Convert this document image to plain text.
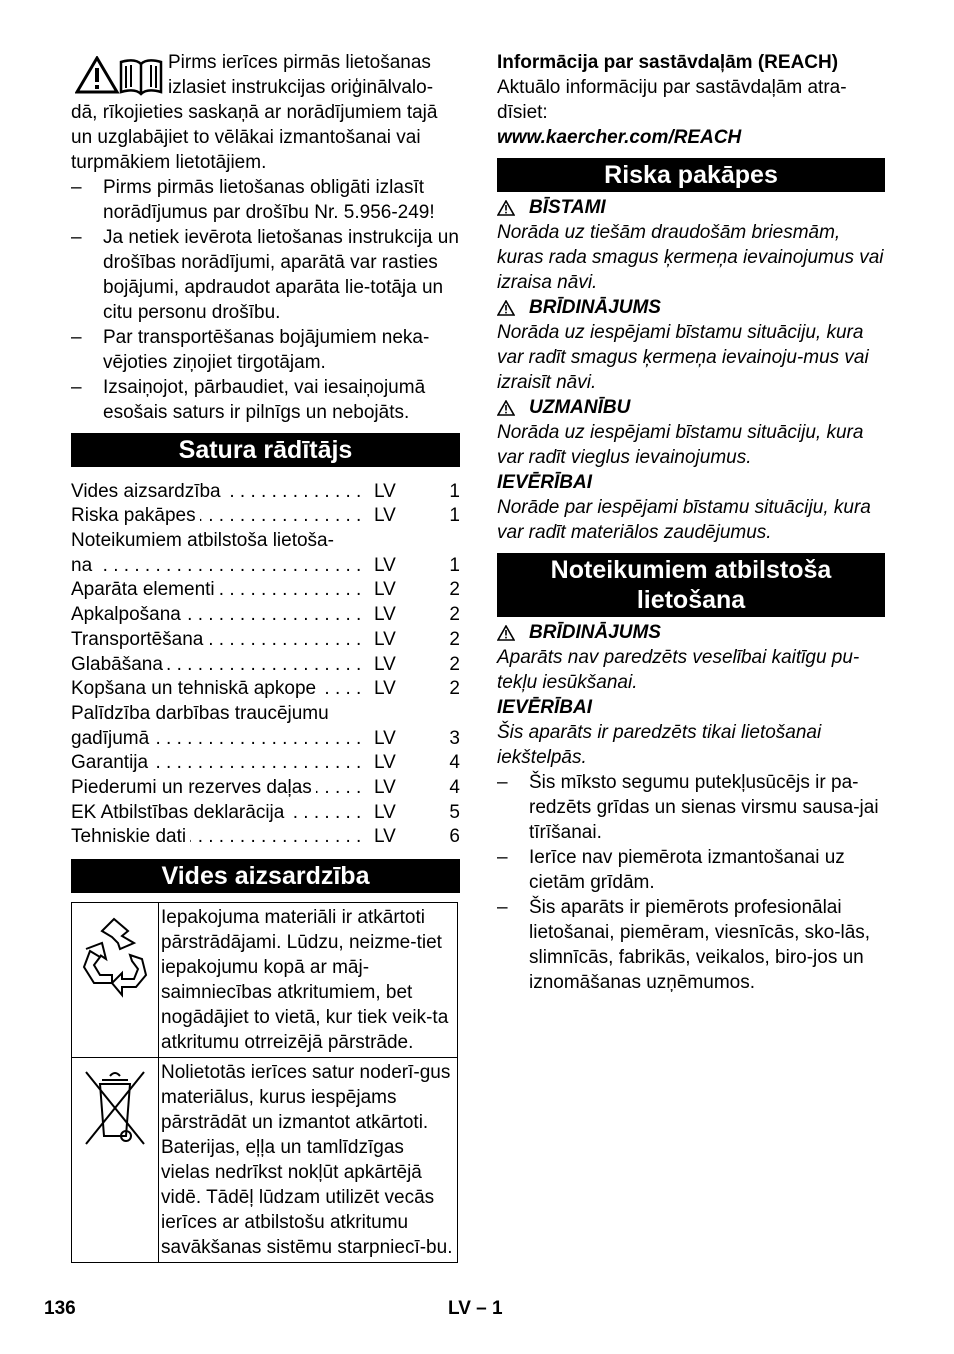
Pirms ierīces pirmās lietošanas

izlasiet instrukcijas oriģinālvalo-

dā, rīkojieties saskaņā ar norādījumiem tajā un uzglabājiet to vēlākai izmantošanai vai turpmākiem lietotājiem.

– Pirms pirmās lietošanas obligāti izlasīt norādījumus par drošību Nr. 5.956-249!
– Ja netiek ievērota lietošanas instrukcija un drošības norādījumi, aparātā var rasties bojājumi, apdraudot aparāta lie-totāja un citu personu drošību.
– Par transportēšanas bojājumiem neka-vējoties ziņojiet tirgotājam.
– Izsaiņojot, pārbaudiet, vai iesaiņojumā esošais saturs ir pilnīgs un nebojāts.
Satura rādītājs
Vides aizsardzība . . .	LV	1
Riska pakāpes . . .	LV	1
Noteikumiem atbilstoša lietoša-
na . . .	LV	1
Aparāta elementi . . .	LV	2
Apkalpošana . . .	LV	2
Transportēšana . . .	LV	2
Glabāšana . . .	LV	2
Kopšana un tehniskā apkope . . .	LV	2
Palīdzība darbības traucējumu
gadījumā . . .	LV	3
Garantija . . .	LV	4
Piederumi un rezerves daļas . . .	LV	4
EK Atbilstības deklarācija . . .	LV	5
Tehniskie dati . . .	LV	6
Vides aizsardzība
	Iepakojuma materiāli ir atkārtoti pārstrādājami. Lūdzu, neizme-tiet iepakojumu kopā ar māj-saimniecības atkritumiem, bet nogādājiet to vietā, kur tiek veik-ta atkritumu otrreizējā pārstrāde.
	Nolietotās ierīces satur noderī-gus materiālus, kurus iespējams pārstrādāt un izmantot atkārtoti. Baterijas, eļļa un tamlīdzīgas vielas nedrīkst nokļūt apkārtējā vidē. Tādēļ lūdzam utilizēt vecās ierīces ar atbilstošu atkritumu savākšanas sistēmu starpniecī-bu.

Informācija par sastāvdaļām (REACH)

Aktuālo informāciju par sastāvdaļām atra-dīsiet:

www.kaercher.com/REACH

Riska pakāpes
BĪSTAMI

Norāda uz tiešām draudošām briesmām, kuras rada smagus ķermeņa ievainojumus vai izraisa nāvi.

BRĪDINĀJUMS

Norāda uz iespējami bīstamu situāciju, kura var radīt smagus ķermeņa ievainoju-mus vai izraisīt nāvi.

UZMANĪBU

Norāda uz iespējami bīstamu situāciju, kura var radīt vieglus ievainojumus.

IEVĒRĪBAI

Norāde par iespējami bīstamu situāciju, kura var radīt materiālos zaudējumus.

Noteikumiem atbilstoša
lietošana
BRĪDINĀJUMS

Aparāts nav paredzēts veselībai kaitīgu pu-tekļu iesūkšanai.

IEVĒRĪBAI

Šis aparāts ir paredzēts tikai lietošanai iekštelpās.

– Šis mīksto segumu putekļusūcējs ir pa-redzēts grīdas un sienas virsmu sausa-jai tīrīšanai.
– Ierīce nav piemērota izmantošanai uz cietām grīdām.
– Šis aparāts ir piemērots profesionālai lietošanai, piemēram, viesnīcās, sko-lās, slimnīcās, fabrikās, veikalos, biro-jos un iznomāšanas uzņēmumos.
136	LV – 1
